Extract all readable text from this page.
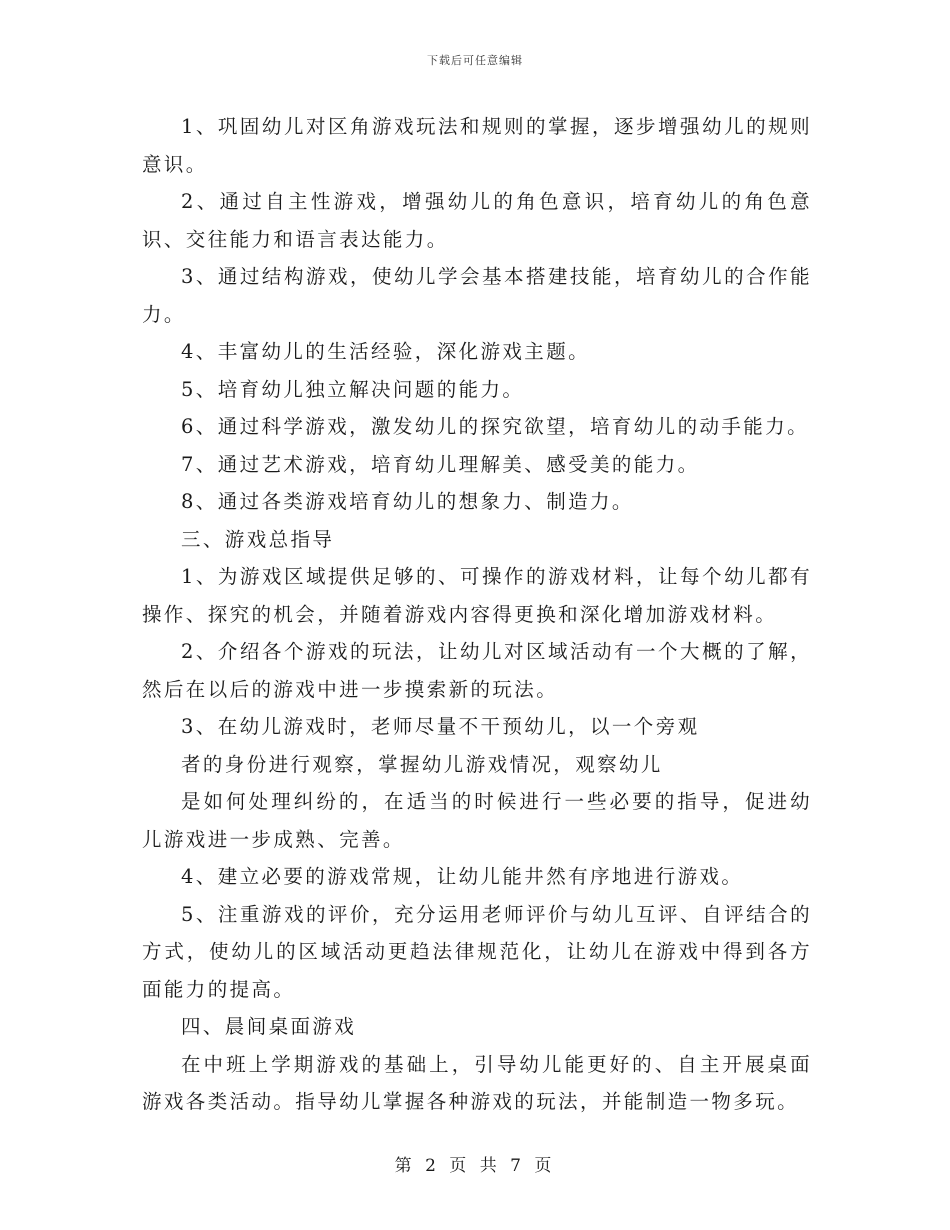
下载后可任意编辑

1、巩固幼儿对区角游戏玩法和规则的掌握，逐步增强幼儿的规则意识。

2、通过自主性游戏，增强幼儿的角色意识，培育幼儿的角色意识、交往能力和语言表达能力。

3、通过结构游戏，使幼儿学会基本搭建技能，培育幼儿的合作能力。

4、丰富幼儿的生活经验，深化游戏主题。

5、培育幼儿独立解决问题的能力。

6、通过科学游戏，激发幼儿的探究欲望，培育幼儿的动手能力。

7、通过艺术游戏，培育幼儿理解美、感受美的能力。

8、通过各类游戏培育幼儿的想象力、制造力。

三、游戏总指导

1、为游戏区域提供足够的、可操作的游戏材料，让每个幼儿都有操作、探究的机会，并随着游戏内容得更换和深化增加游戏材料。

2、介绍各个游戏的玩法，让幼儿对区域活动有一个大概的了解，然后在以后的游戏中进一步摸索新的玩法。

3、在幼儿游戏时，老师尽量不干预幼儿，以一个旁观

者的身份进行观察，掌握幼儿游戏情况，观察幼儿

是如何处理纠纷的，在适当的时候进行一些必要的指导，促进幼儿游戏进一步成熟、完善。

4、建立必要的游戏常规，让幼儿能井然有序地进行游戏。

5、注重游戏的评价，充分运用老师评价与幼儿互评、自评结合的方式，使幼儿的区域活动更趋法律规范化，让幼儿在游戏中得到各方面能力的提高。

四、晨间桌面游戏

在中班上学期游戏的基础上，引导幼儿能更好的、自主开展桌面游戏各类活动。指导幼儿掌握各种游戏的玩法，并能制造一物多玩。

第 2 页 共 7 页
